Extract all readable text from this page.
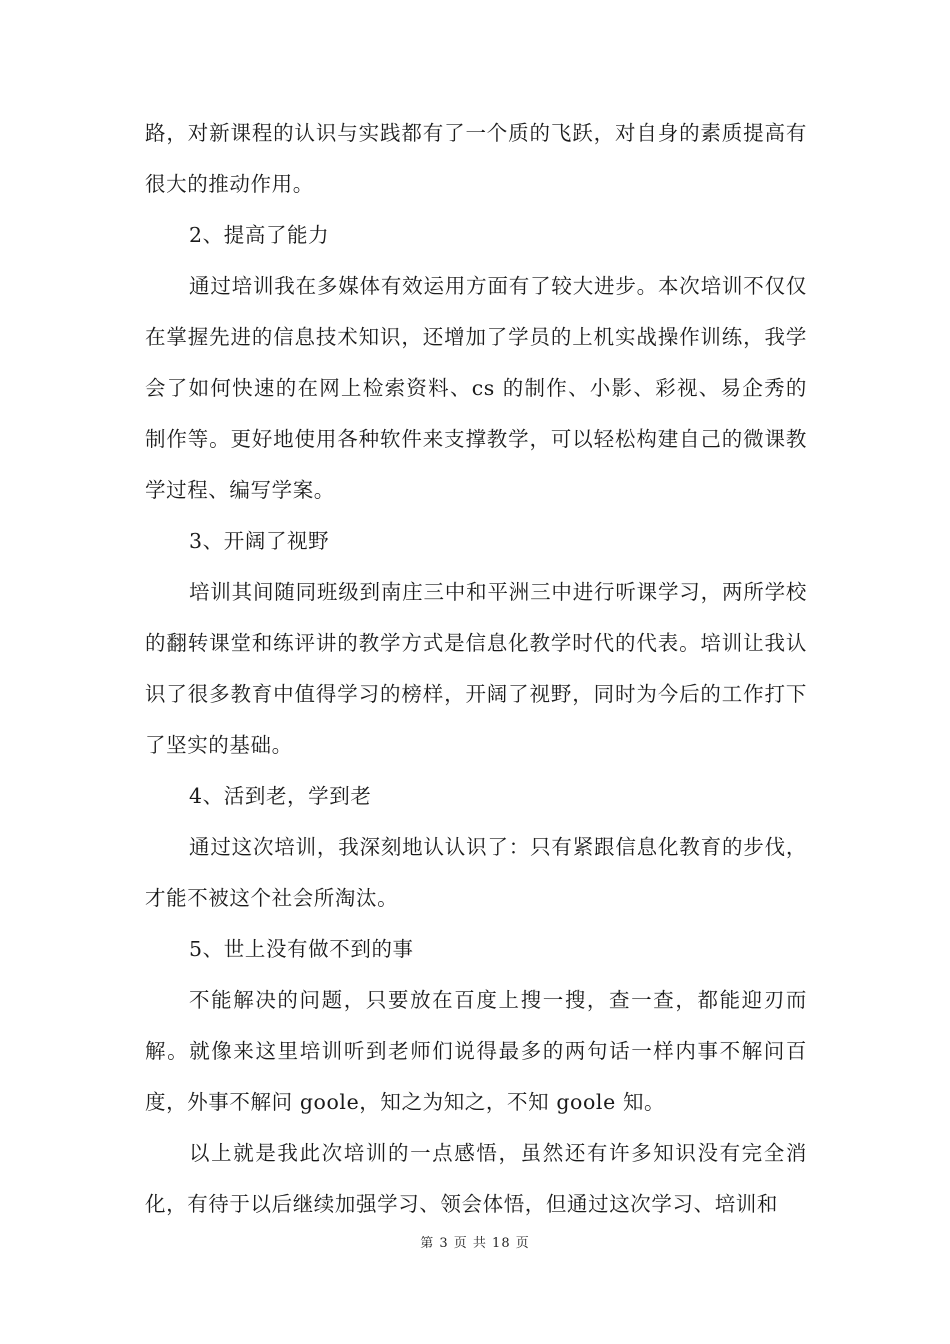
路，对新课程的认识与实践都有了一个质的飞跃，对自身的素质提高有很大的推动作用。

2、提高了能力

通过培训我在多媒体有效运用方面有了较大进步。本次培训不仅仅在掌握先进的信息技术知识，还增加了学员的上机实战操作训练，我学会了如何快速的在网上检索资料、cs 的制作、小影、彩视、易企秀的制作等。更好地使用各种软件来支撑教学，可以轻松构建自己的微课教学过程、编写学案。

3、开阔了视野

培训其间随同班级到南庄三中和平洲三中进行听课学习，两所学校的翻转课堂和练评讲的教学方式是信息化教学时代的代表。培训让我认识了很多教育中值得学习的榜样，开阔了视野，同时为今后的工作打下了坚实的基础。

4、活到老，学到老

通过这次培训，我深刻地认认识了：只有紧跟信息化教育的步伐，才能不被这个社会所淘汰。

5、世上没有做不到的事

不能解决的问题，只要放在百度上搜一搜，查一查，都能迎刃而解。就像来这里培训听到老师们说得最多的两句话一样内事不解问百度，外事不解问 goole，知之为知之，不知 goole 知。

以上就是我此次培训的一点感悟，虽然还有许多知识没有完全消化，有待于以后继续加强学习、领会体悟，但通过这次学习、培训和

第 3 页 共 18 页
